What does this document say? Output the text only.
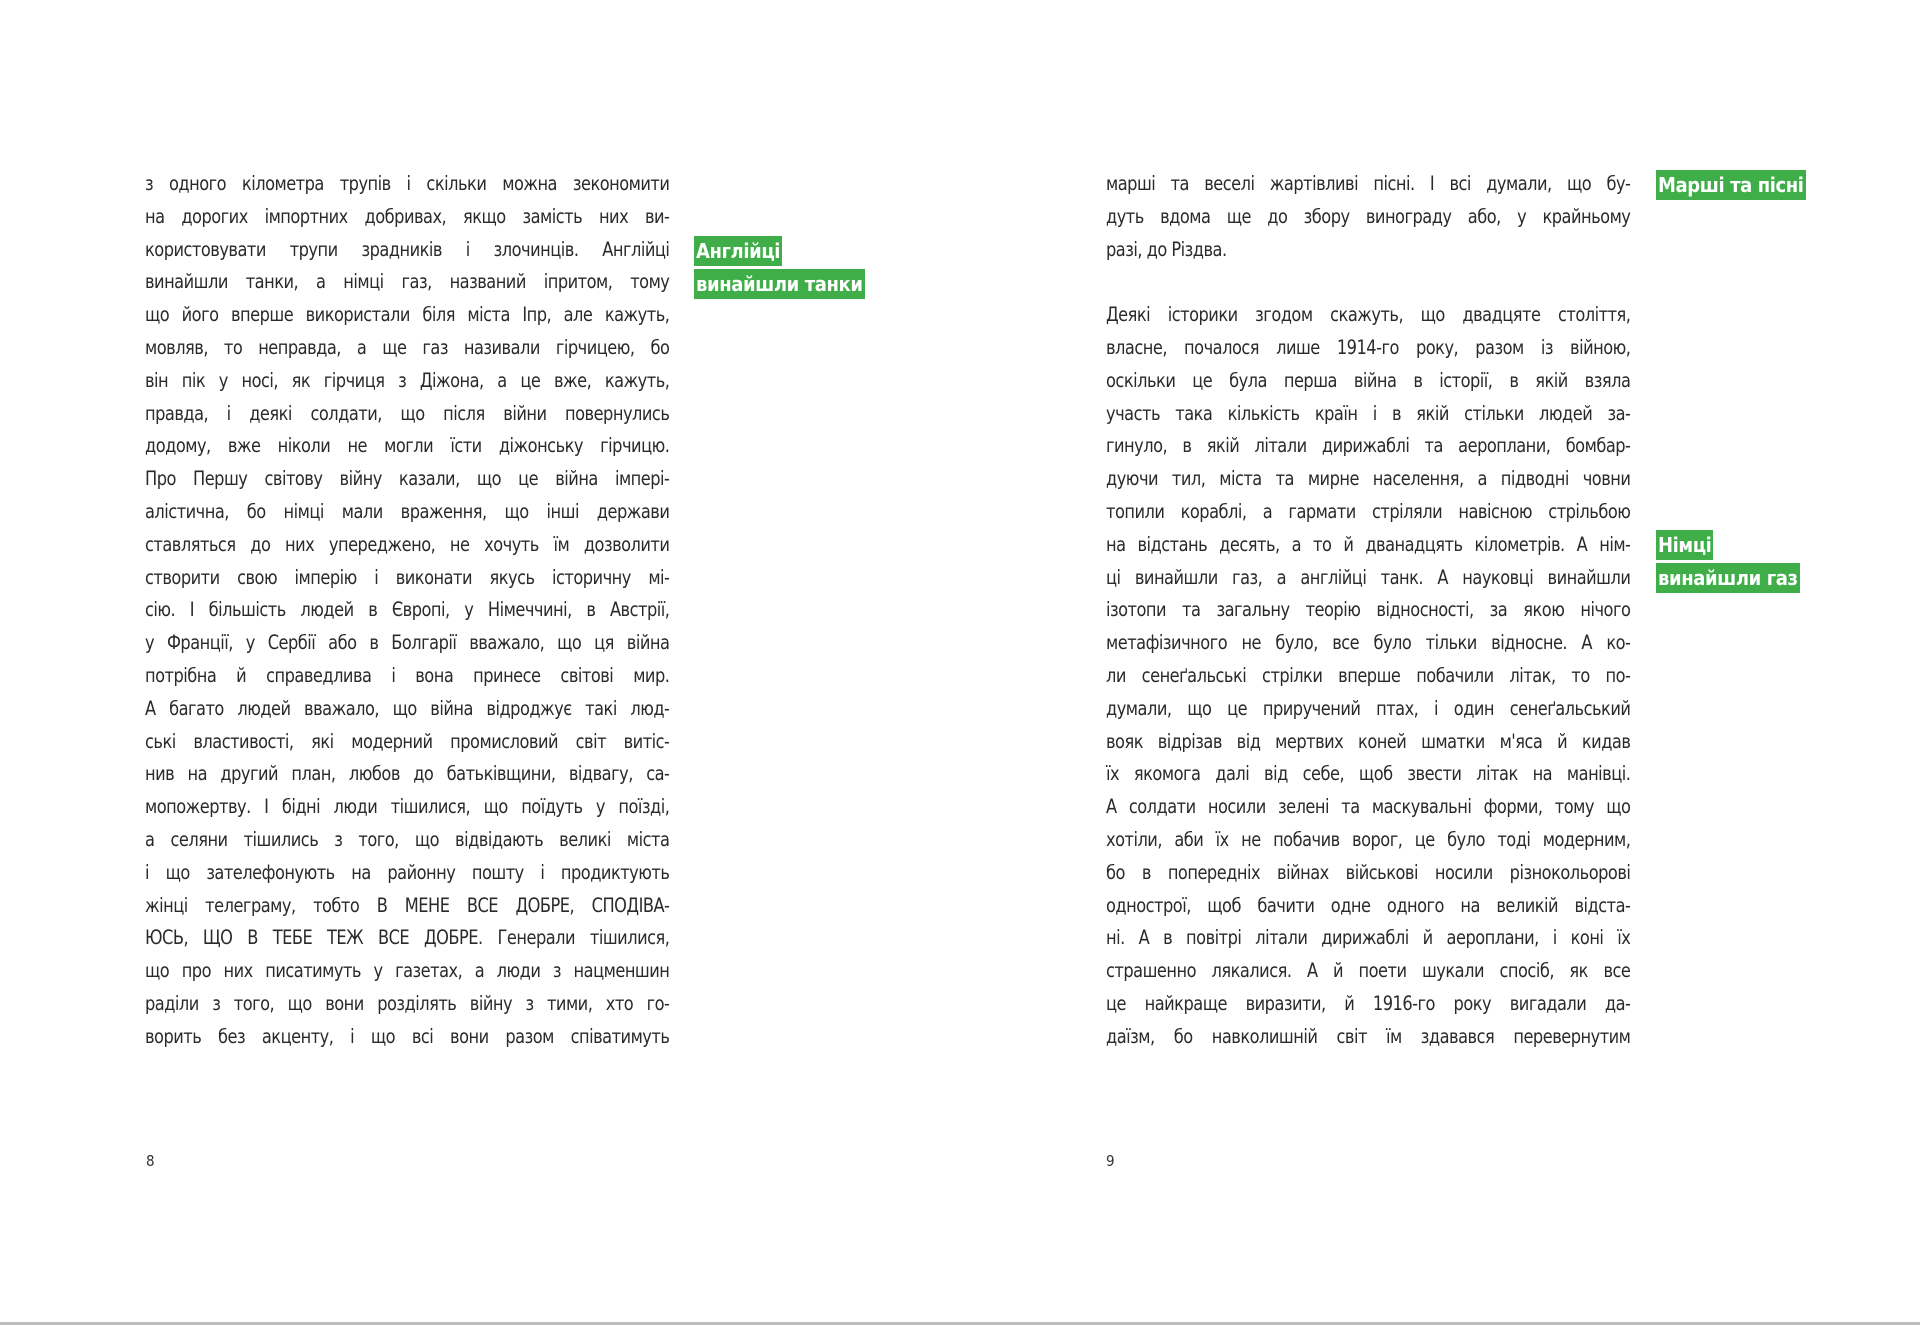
з одного кілометра трупів і скільки можна зекономити
на дорогих імпортних добривах, якщо замість них ви-
користовувати трупи зрадників і злочинців. Англійці
винайшли танки, а німці газ, названий іпритом, тому
що його вперше використали біля міста Іпр, але кажуть,
мовляв, то неправда, а ще газ називали гірчицею, бо
він пік у носі, як гірчиця з Діжона, а це вже, кажуть,
правда, і деякі солдати, що після війни повернулись
додому, вже ніколи не могли їсти діжонську гірчицю.
Про Першу світову війну казали, що це війна імпері-
алістична, бо німці мали враження, що інші держави
ставляться до них упереджено, не хочуть їм дозволити
створити свою імперію і виконати якусь історичну мі-
сію. І більшість людей в Європі, у Німеччині, в Австрії,
у Франції, у Сербії або в Болгарії вважало, що ця війна
потрібна й справедлива і вона принесе світові мир.
А багато людей вважало, що війна відроджує такі люд-
ські властивості, які модерний промисловий світ витіс-
нив на другий план, любов до батьківщини, відвагу, са-
мопожертву. І бідні люди тішилися, що поїдуть у поїзді,
а селяни тішились з того, що відвідають великі міста
і що зателефонують на районну пошту і продиктують
жінці телеграму, тобто В МЕНЕ ВСЕ ДОБРЕ, СПОДІВА-
ЮСЬ, ЩО В ТЕБЕ ТЕЖ ВСЕ ДОБРЕ. Генерали тішилися,
що про них писатимуть у газетах, а люди з нацменшин
раділи з того, що вони розділять війну з тими, хто го-
ворить без акценту, і що всі вони разом співатимуть

Англійці
винайшли танки
8

марші та веселі жартівливі пісні. І всі думали, що бу-
дуть вдома ще до збору винограду або, у крайньому
разі, до Різдва.
Деякі історики згодом скажуть, що двадцяте століття,
власне, почалося лише 1914-го року, разом із війною,
оскільки це була перша війна в історії, в якій взяла
участь така кількість країн і в якій стільки людей за-
гинуло, в якій літали дирижаблі та аероплани, бомбар-
дуючи тил, міста та мирне населення, а підводні човни
топили кораблі, а гармати стріляли навісною стрільбою
на відстань десять, а то й дванадцять кілометрів. А нім-
ці винайшли газ, а англійці танк. А науковці винайшли
ізотопи та загальну теорію відносності, за якою нічого
метафізичного не було, все було тільки відносне. А ко-
ли сенеґальські стрілки вперше побачили літак, то по-
думали, що це приручений птах, і один сенеґальський
вояк відрізав від мертвих коней шматки м'яса й кидав
їх якомога далі від себе, щоб звести літак на манівці.
А солдати носили зелені та маскувальні форми, тому що
хотіли, аби їх не побачив ворог, це було тоді модерним,
бо в попередніх війнах військові носили різнокольорові
однострої, щоб бачити одне одного на великій відста-
ні. А в повітрі літали дирижаблі й аероплани, і коні їх
страшенно лякалися. А й поети шукали спосіб, як все
це найкраще виразити, й 1916-го року вигадали да-
даїзм, бо навколишній світ їм здавався перевернутим

Марші та пісні
Німці
винайшли газ
9
